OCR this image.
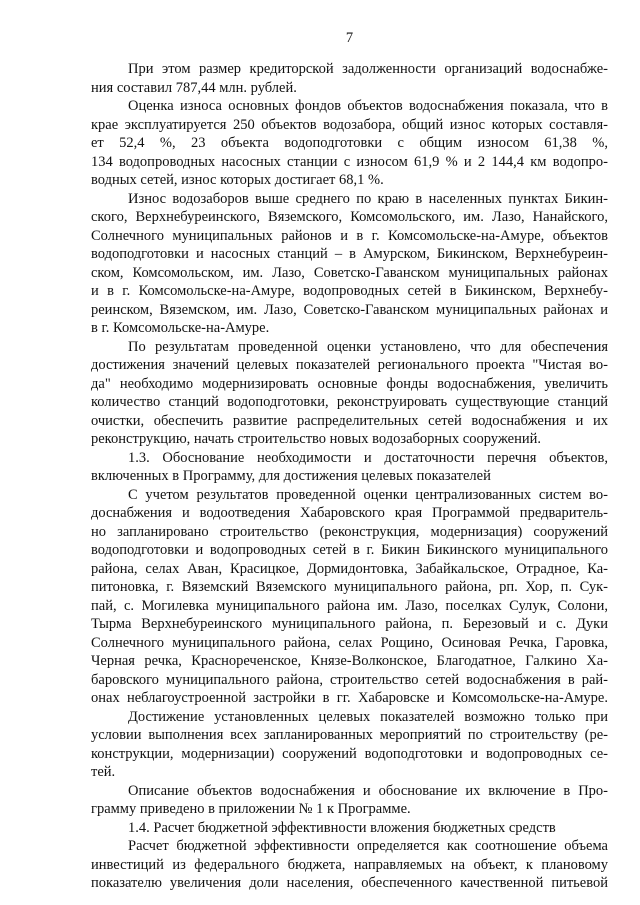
7
При этом размер кредиторской задолженности организаций водоснабже-
ния составил 787,44 млн. рублей.
Оценка износа основных фондов объектов водоснабжения показала, что в
крае эксплуатируется 250 объектов водозабора, общий износ которых составля-
ет 52,4 %, 23 объекта водоподготовки с общим износом 61,38 %,
134 водопроводных насосных станции с износом 61,9 % и 2 144,4 км водопро-
водных сетей, износ которых достигает 68,1 %.
Износ водозаборов выше среднего по краю в населенных пунктах Бикин-
ского, Верхнебуреинского, Вяземского, Комсомольского, им. Лазо, Нанайского,
Солнечного муниципальных районов и в г. Комсомольске-на-Амуре, объектов
водоподготовки и насосных станций – в Амурском, Бикинском, Верхнебуреин-
ском, Комсомольском, им. Лазо, Советско-Гаванском муниципальных районах
и в г. Комсомольске-на-Амуре, водопроводных сетей в Бикинском, Верхнебу-
реинском, Вяземском, им. Лазо, Советско-Гаванском муниципальных районах и
в г. Комсомольске-на-Амуре.
По результатам проведенной оценки установлено, что для обеспечения
достижения значений целевых показателей регионального проекта "Чистая во-
да" необходимо модернизировать основные фонды водоснабжения, увеличить
количество станций водоподготовки, реконструировать существующие станций
очистки, обеспечить развитие распределительных сетей водоснабжения и их
реконструкцию, начать строительство новых водозаборных сооружений.
1.3. Обоснование необходимости и достаточности перечня объектов,
включенных в Программу, для достижения целевых показателей
С учетом результатов проведенной оценки централизованных систем во-
доснабжения и водоотведения Хабаровского края Программой предваритель-
но запланировано строительство (реконструкция, модернизация) сооружений
водоподготовки и водопроводных сетей в г. Бикин Бикинского муниципального
района, селах Аван, Красицкое, Дормидонтовка, Забайкальское, Отрадное, Ка-
питоновка, г. Вяземский Вяземского муниципального района, рп. Хор, п. Сук-
пай, с. Могилевка муниципального района им. Лазо, поселках Сулук, Солони,
Тырма Верхнебуреинского муниципального района, п. Березовый и с. Дуки
Солнечного муниципального района, селах Рощино, Осиновая Речка, Гаровка,
Черная речка, Краснореченское, Князе-Волконское, Благодатное, Галкино Ха-
баровского муниципального района, строительство сетей водоснабжения в рай-
онах неблагоустроенной застройки в гг. Хабаровске и Комсомольске-на-Амуре.
Достижение установленных целевых показателей возможно только при
условии выполнения всех запланированных мероприятий по строительству (ре-
конструкции, модернизации) сооружений водоподготовки и водопроводных се-
тей.
Описание объектов водоснабжения и обоснование их включение в Про-
грамму приведено в приложении № 1 к Программе.
1.4. Расчет бюджетной эффективности вложения бюджетных средств
Расчет бюджетной эффективности определяется как соотношение объема
инвестиций из федерального бюджета, направляемых на объект, к плановому
показателю увеличения доли населения, обеспеченного качественной питьевой
